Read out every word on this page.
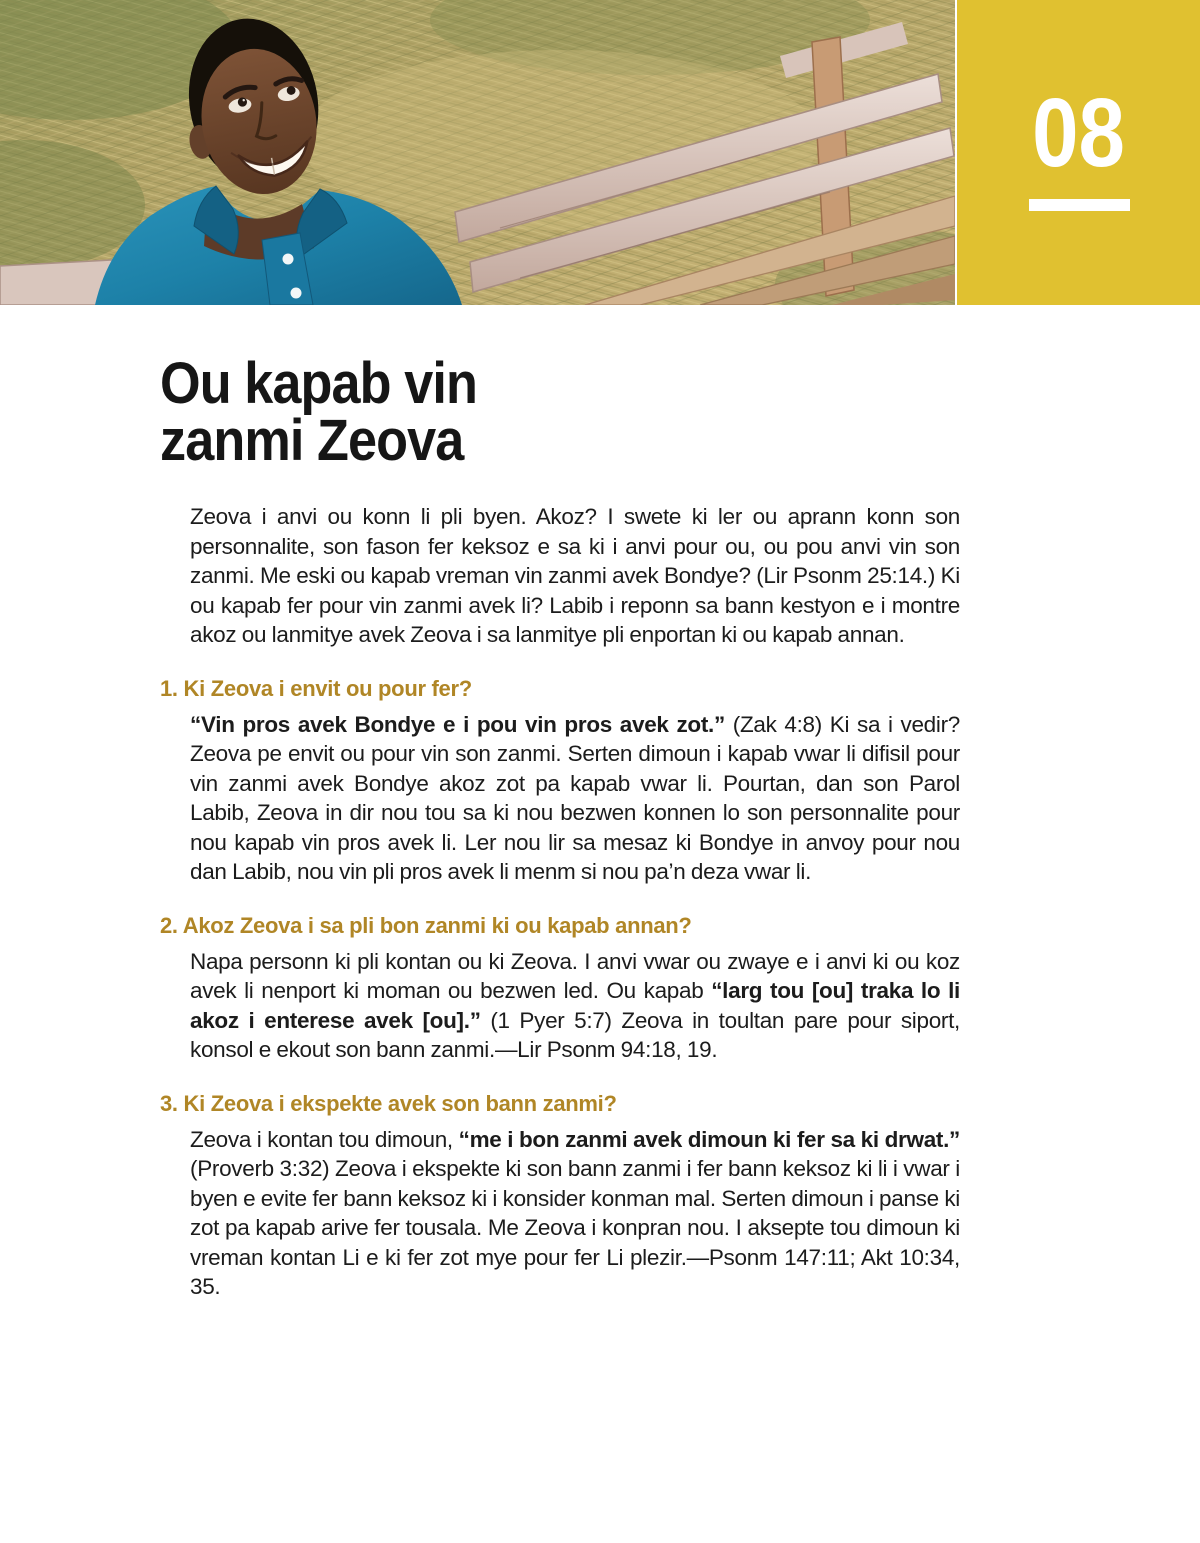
08
Ou kapab vin
zanmi Zeova

Zeova i anvi ou konn li pli byen. Akoz? I swete ki ler ou aprann konn son personnalite, son fason fer keksoz e sa ki i anvi pour ou, ou pou anvi vin son zanmi. Me eski ou kapab vreman vin zanmi avek Bondye? (Lir Psonm 25:14.) Ki ou kapab fer pour vin zanmi avek li? Labib i reponn sa bann kestyon e i montre akoz ou lanmitye avek Zeova i sa lanmitye pli enportan ki ou kapab annan.

1. Ki Zeova i envit ou pour fer?

“Vin pros avek Bondye e i pou vin pros avek zot.” (Zak 4:8) Ki sa i vedir? Zeova pe envit ou pour vin son zanmi. Serten dimoun i kapab vwar li difisil pour vin zanmi avek Bondye akoz zot pa kapab vwar li. Pourtan, dan son Parol Labib, Zeova in dir nou tou sa ki nou bezwen konnen lo son personnalite pour nou kapab vin pros avek li. Ler nou lir sa mesaz ki Bondye in anvoy pour nou dan Labib, nou vin pli pros avek li menm si nou pa’n deza vwar li.

2. Akoz Zeova i sa pli bon zanmi ki ou kapab annan?

Napa personn ki pli kontan ou ki Zeova. I anvi vwar ou zwaye e i anvi ki ou koz avek li nenport ki moman ou bezwen led. Ou kapab “larg tou [ou] traka lo li akoz i enterese avek [ou].” (1 Pyer 5:7) Zeova in toultan pare pour siport, konsol e ekout son bann zanmi.—Lir Psonm 94:18, 19.

3. Ki Zeova i ekspekte avek son bann zanmi?

Zeova i kontan tou dimoun, “me i bon zanmi avek dimoun ki fer sa ki drwat.” (Proverb 3:32) Zeova i ekspekte ki son bann zanmi i fer bann keksoz ki li i vwar i byen e evite fer bann keksoz ki i konsider konman mal. Serten dimoun i panse ki zot pa kapab arive fer tousala. Me Zeova i konpran nou. I aksepte tou dimoun ki vreman kontan Li e ki fer zot mye pour fer Li plezir.—Psonm 147:11; Akt 10:34, 35.
